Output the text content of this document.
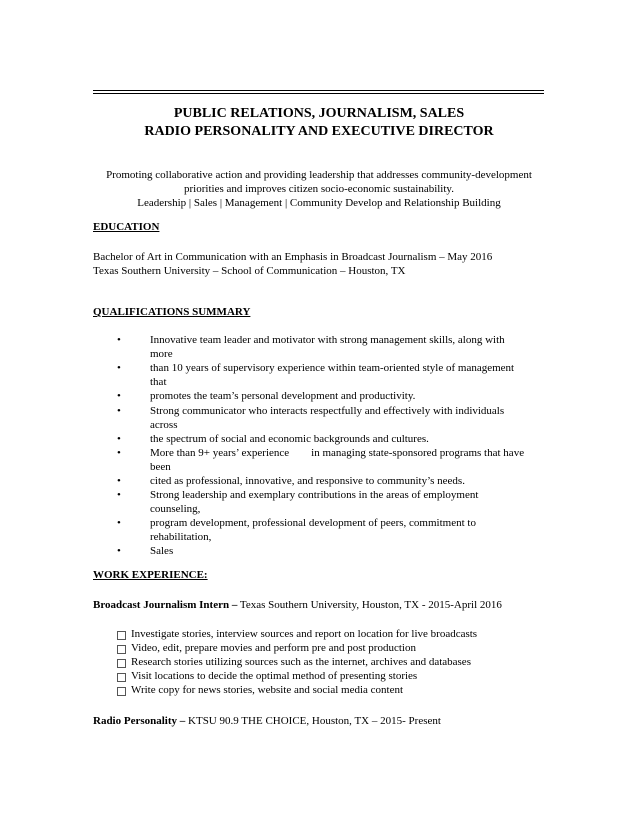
PUBLIC RELATIONS, JOURNALISM, SALES
RADIO PERSONALITY AND EXECUTIVE DIRECTOR
Promoting collaborative action and providing leadership that addresses community-development
priorities and improves citizen socio-economic sustainability.
Leadership | Sales | Management | Community Develop and Relationship Building
EDUCATION
Bachelor of Art in Communication with an Emphasis in Broadcast Journalism – May 2016
Texas Southern University – School of Communication – Houston, TX
QUALIFICATIONS SUMMARY
•	Innovative team leader and motivator with strong management skills, along with
more
•	than 10 years of supervisory experience within team-oriented style of management
that
•	promotes the team’s personal development and productivity.
•	Strong communicator who interacts respectfully and effectively with individuals
across
•	the spectrum of social and economic backgrounds and cultures.
•	More than 9+ years’ experience        in managing state-sponsored programs that have
been
•	cited as professional, innovative, and responsive to community’s needs.
•	Strong leadership and exemplary contributions in the areas of employment
counseling,
•	program development, professional development of peers, commitment to
rehabilitation,
•	Sales
WORK EXPERIENCE:
Broadcast Journalism Intern – Texas Southern University, Houston, TX - 2015-April 2016
Investigate stories, interview sources and report on location for live broadcasts
Video, edit, prepare movies and perform pre and post production
Research stories utilizing sources such as the internet, archives and databases
Visit locations to decide the optimal method of presenting stories
Write copy for news stories, website and social media content
Radio Personality – KTSU 90.9 THE CHOICE, Houston, TX – 2015- Present
